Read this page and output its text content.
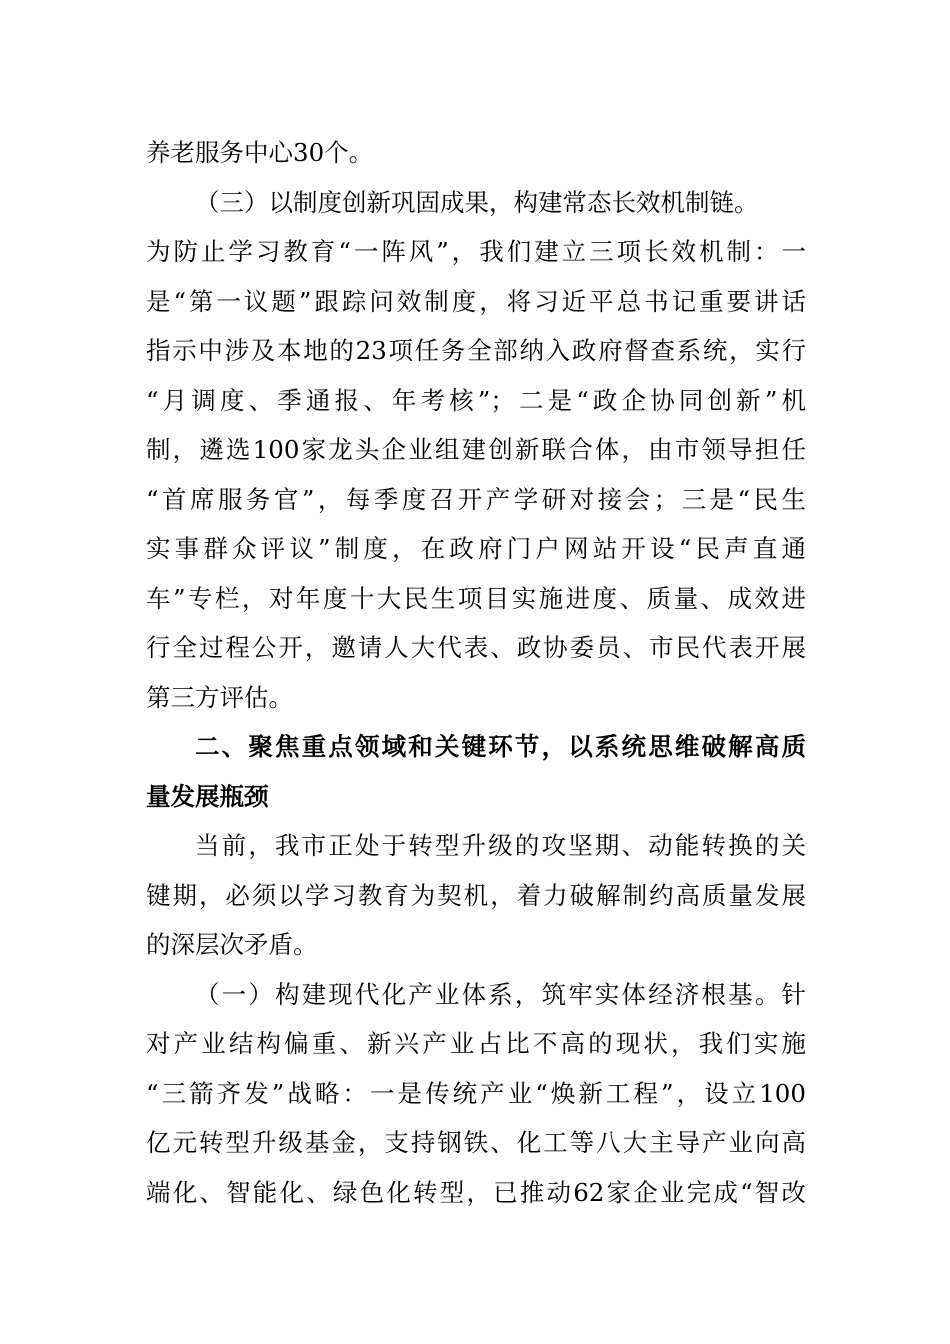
养老服务中心30个。
（三）以制度创新巩固成果，构建常态长效机制链。
为防止学习教育“一阵风”，我们建立三项长效机制：一
是“第一议题”跟踪问效制度，将习近平总书记重要讲话
指示中涉及本地的23项任务全部纳入政府督查系统，实行
“月调度、季通报、年考核”；二是“政企协同创新”机
制，遴选100家龙头企业组建创新联合体，由市领导担任
“首席服务官”，每季度召开产学研对接会；三是“民生
实事群众评议”制度，在政府门户网站开设“民声直通
车”专栏，对年度十大民生项目实施进度、质量、成效进
行全过程公开，邀请人大代表、政协委员、市民代表开展
第三方评估。
二、聚焦重点领域和关键环节，以系统思维破解高质
量发展瓶颈
当前，我市正处于转型升级的攻坚期、动能转换的关
键期，必须以学习教育为契机，着力破解制约高质量发展
的深层次矛盾。
（一）构建现代化产业体系，筑牢实体经济根基。针
对产业结构偏重、新兴产业占比不高的现状，我们实施
“三箭齐发”战略：一是传统产业“焕新工程”，设立100
亿元转型升级基金，支持钢铁、化工等八大主导产业向高
端化、智能化、绿色化转型，已推动62家企业完成“智改
